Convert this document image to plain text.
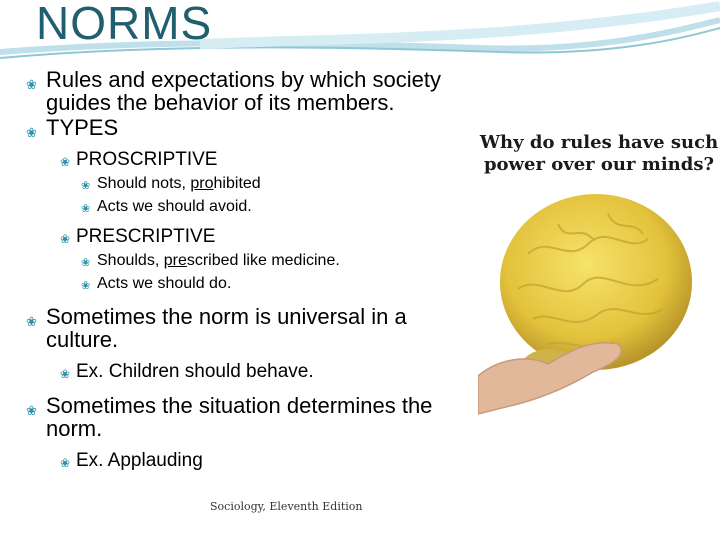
NORMS
❀ Rules and expectations by which society guides the behavior of its members.
❀ TYPES
❀ PROSCRIPTIVE
❀ Should nots, prohibited
❀ Acts we should avoid.
❀ PRESCRIPTIVE
❀ Shoulds, prescribed like medicine.
❀ Acts we should do.
❀ Sometimes the norm is universal in a culture.
❀ Ex. Children should behave.
❀ Sometimes the situation determines the norm.
❀ Ex. Applauding
Why do rules have such
power over our minds?
Sociology, Eleventh Edition
